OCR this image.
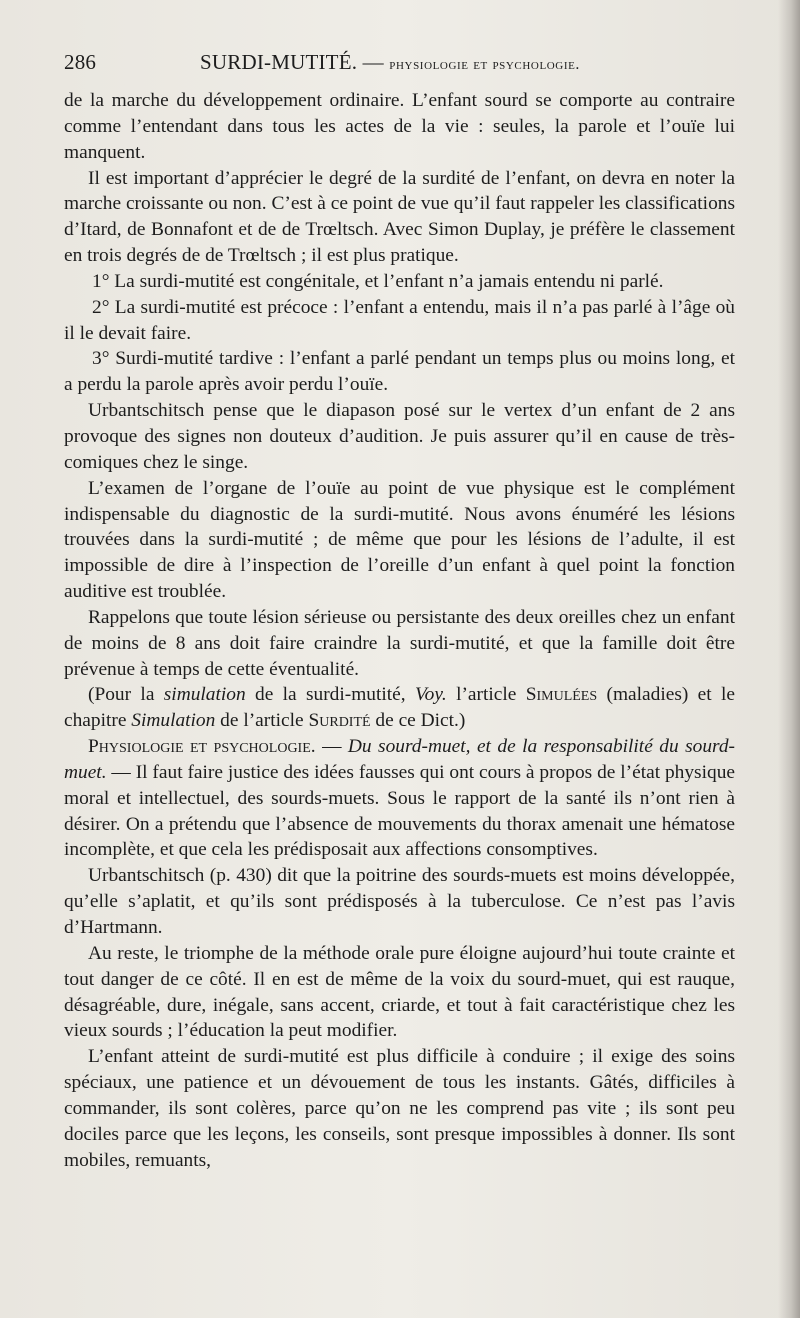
286	SURDI-MUTITÉ. — physiologie et psychologie.

de la marche du développement ordinaire. L’enfant sourd se comporte au contraire comme l’entendant dans tous les actes de la vie : seules, la parole et l’ouïe lui manquent.

Il est important d’apprécier le degré de la surdité de l’enfant, on devra en noter la marche croissante ou non. C’est à ce point de vue qu’il faut rappeler les classifications d’Itard, de Bonnafont et de de Trœltsch. Avec Simon Duplay, je préfère le classement en trois degrés de de Trœltsch ; il est plus pratique.

1° La surdi-mutité est congénitale, et l’enfant n’a jamais entendu ni parlé.

2° La surdi-mutité est précoce : l’enfant a entendu, mais il n’a pas parlé à l’âge où il le devait faire.

3° Surdi-mutité tardive : l’enfant a parlé pendant un temps plus ou moins long, et a perdu la parole après avoir perdu l’ouïe.

Urbantschitsch pense que le diapason posé sur le vertex d’un enfant de 2 ans provoque des signes non douteux d’audition. Je puis assurer qu’il en cause de très-comiques chez le singe.

L’examen de l’organe de l’ouïe au point de vue physique est le complément indispensable du diagnostic de la surdi-mutité. Nous avons énuméré les lésions trouvées dans la surdi-mutité ; de même que pour les lésions de l’adulte, il est impossible de dire à l’inspection de l’oreille d’un enfant à quel point la fonction auditive est troublée.

Rappelons que toute lésion sérieuse ou persistante des deux oreilles chez un enfant de moins de 8 ans doit faire craindre la surdi-mutité, et que la famille doit être prévenue à temps de cette éventualité.

(Pour la simulation de la surdi-mutité, Voy. l’article Simulées (maladies) et le chapitre Simulation de l’article Surdité de ce Dict.)

Physiologie et psychologie. — Du sourd-muet, et de la responsabilité du sourd-muet. — Il faut faire justice des idées fausses qui ont cours à propos de l’état physique moral et intellectuel, des sourds-muets. Sous le rapport de la santé ils n’ont rien à désirer. On a prétendu que l’absence de mouvements du thorax amenait une hématose incomplète, et que cela les prédisposait aux affections consomptives.

Urbantschitsch (p. 430) dit que la poitrine des sourds-muets est moins développée, qu’elle s’aplatit, et qu’ils sont prédisposés à la tuberculose. Ce n’est pas l’avis d’Hartmann.

Au reste, le triomphe de la méthode orale pure éloigne aujourd’hui toute crainte et tout danger de ce côté. Il en est de même de la voix du sourd-muet, qui est rauque, désagréable, dure, inégale, sans accent, criarde, et tout à fait caractéristique chez les vieux sourds ; l’éducation la peut modifier.

L’enfant atteint de surdi-mutité est plus difficile à conduire ; il exige des soins spéciaux, une patience et un dévouement de tous les instants. Gâtés, difficiles à commander, ils sont colères, parce qu’on ne les comprend pas vite ; ils sont peu dociles parce que les leçons, les conseils, sont presque impossibles à donner. Ils sont mobiles, remuants,
